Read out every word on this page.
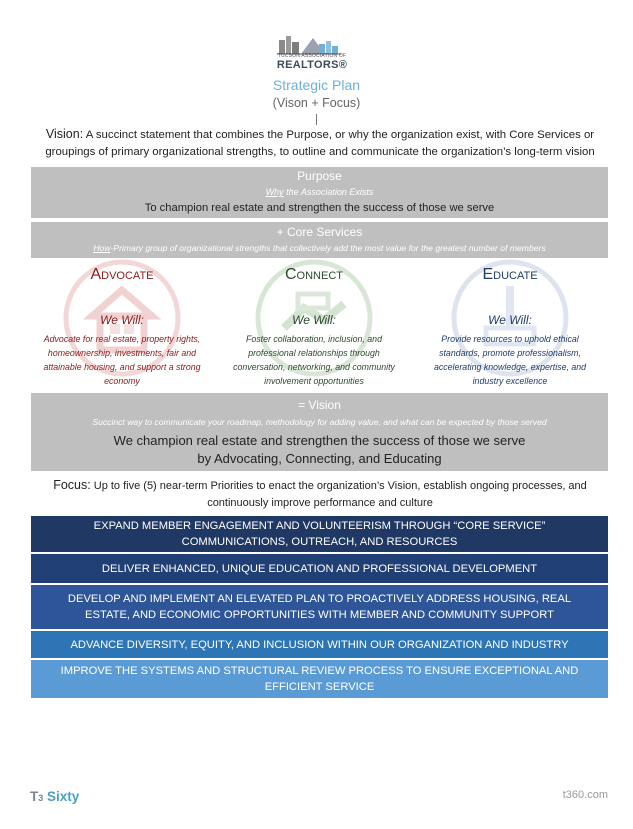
TUCSON ASSOCIATION OF
REALTORS®
Strategic Plan
(Vison + Focus)
Vision: A succinct statement that combines the Purpose, or why the organization exist, with Core Services or groupings of primary organizational strengths, to outline and communicate the organization’s long-term vision
Purpose
Why the Association Exists
To champion real estate and strengthen the success of those we serve
+ Core Services
How-Primary group of organizational strengths that collectively add the most value for the greatest number of members
Advocate
We Will:
Advocate for real estate, property rights, homeownership, investments, fair and attainable housing, and support a strong economy
Connect
We Will:
Foster collaboration, inclusion, and professional relationships through conversation, networking, and community involvement opportunities
Educate
We Will:
Provide resources to uphold ethical standards, promote professionalism, accelerating knowledge, expertise, and industry excellence
= Vision
Succinct way to communicate your roadmap, methodology for adding value, and what can be expected by those served
We champion real estate and strengthen the success of those we serve
by Advocating, Connecting, and Educating
Focus: Up to five (5) near-term Priorities to enact the organization’s Vision, establish ongoing processes, and continuously improve performance and culture
EXPAND MEMBER ENGAGEMENT AND VOLUNTEERISM THROUGH “CORE SERVICE” COMMUNICATIONS, OUTREACH, AND RESOURCES
DELIVER ENHANCED, UNIQUE EDUCATION AND PROFESSIONAL DEVELOPMENT
DEVELOP AND IMPLEMENT AN ELEVATED PLAN TO PROACTIVELY ADDRESS HOUSING, REAL ESTATE, AND ECONOMIC OPPORTUNITIES WITH MEMBER AND COMMUNITY SUPPORT
ADVANCE DIVERSITY, EQUITY, AND INCLUSION WITHIN OUR ORGANIZATION AND INDUSTRY
IMPROVE THE SYSTEMS AND STRUCTURAL REVIEW PROCESS TO ENSURE EXCEPTIONAL AND EFFICIENT SERVICE
T3 Sixty	t360.com
